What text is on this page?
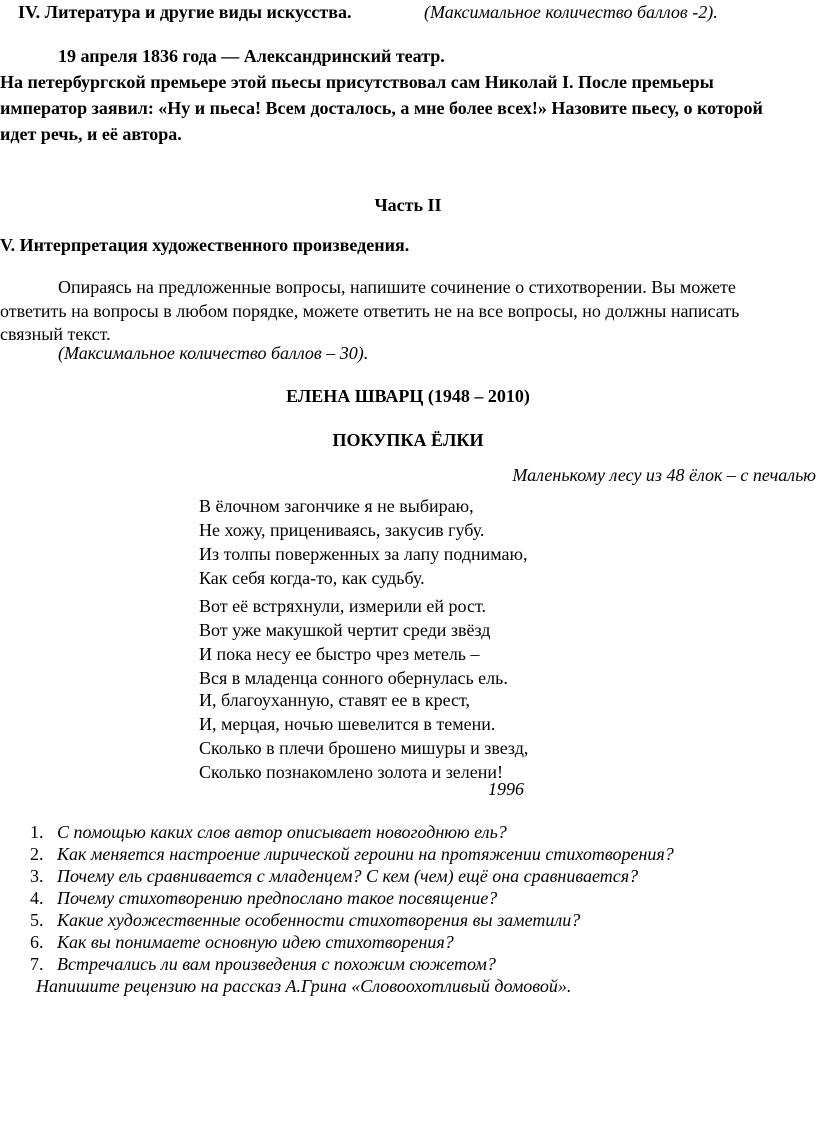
IV. Литература и другие виды искусства.	(Максимальное количество баллов -2).
19 апреля 1836 года — Александринский театр.
На петербургской премьере этой пьесы присутствовал сам Николай I. После премьеры
император заявил: «Ну и пьеса! Всем досталось, а мне более всех!» Назовите пьесу, о которой
идет речь, и её автора.
Часть II
V. Интерпретация художественного произведения.
Опираясь на предложенные вопросы, напишите сочинение о стихотворении. Вы можете
ответить на вопросы в любом порядке, можете ответить не на все вопросы, но должны написать
связный текст.
(Максимальное количество баллов – 30).
ЕЛЕНА ШВАРЦ (1948 – 2010)
ПОКУПКА ЁЛКИ
Маленькому лесу из 48 ёлок – с печалью
В ёлочном загончике я не выбираю,
Не хожу, прицениваясь, закусив губу.
Из толпы поверженных за лапу поднимаю,
Как себя когда-то, как судьбу.
Вот её встряхнули, измерили ей рост.
Вот уже макушкой чертит среди звёзд
И пока несу ее быстро чрез метель –
Вся в младенца сонного обернулась ель.
И, благоуханную, ставят ее в крест,
И, мерцая, ночью шевелится в темени.
Сколько в плечи брошено мишуры и звезд,
Сколько познакомлено золота и зелени!
1996
1. С помощью каких слов автор описывает новогоднюю ель?
2. Как меняется настроение лирической героини на протяжении стихотворения?
3. Почему ель сравнивается с младенцем? С кем (чем) ещё она сравнивается?
4. Почему стихотворению предпослано такое посвящение?
5. Какие художественные особенности стихотворения вы заметили?
6. Как вы понимаете основную идею стихотворения?
7. Встречались ли вам произведения с похожим сюжетом?
Напишите рецензию на рассказ А.Грина «Словоохотливый домовой».
